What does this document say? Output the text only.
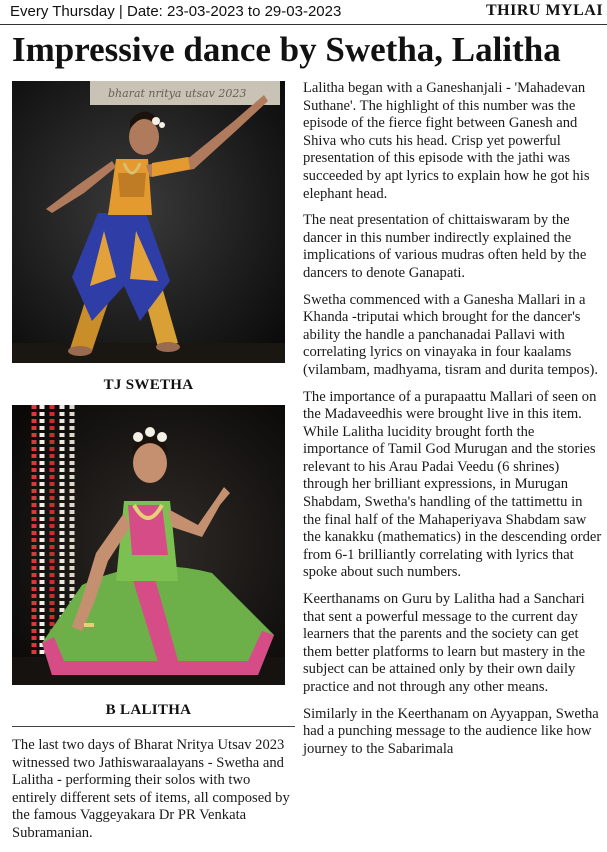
Every Thursday | Date: 23-03-2023 to 29-03-2023	THIRU MYLAI
Impressive dance by Swetha, Lalitha
bharat nritya utsav 2023
TJ SWETHA
B LALITHA

The last two days of Bharat Nritya Utsav 2023 witnessed two Jathiswaraalayans - Swetha and Lalitha - performing their solos with two entirely different sets of items, all composed by the famous Vaggeyakara Dr PR Venkata Subramanian.

Lalitha began with a Ganeshanjali - 'Mahadevan Suthane'. The highlight of this number was the episode of the fierce fight between Ganesh and Shiva who cuts his head. Crisp yet powerful presentation of this episode with the jathi was succeeded by apt lyrics to explain how he got his elephant head.

The neat presentation of chittaiswaram by the dancer in this number indirectly explained the implications of various mudras often held by the dancers to denote Ganapati.

Swetha commenced with a Ganesha Mallari in a Khanda -triputai which brought for the dancer's ability the handle a panchanadai Pallavi with correlating lyrics on vinayaka in four kaalams (vilambam, madhyama, tisram and durita tempos).

The importance of a purapaattu Mallari of seen on the Madaveedhis were brought live in this item. While Lalitha lucidity brought forth the importance of Tamil God Murugan and the stories relevant to his Arau Padai Veedu (6 shrines) through her brilliant expressions, in Murugan Shabdam, Swetha's handling of the tattimettu in the final half of the Mahaperiyava Shabdam saw the kanakku (mathematics) in the descending order from 6-1 brilliantly correlating with lyrics that spoke about such numbers.

Keerthanams on Guru by Lalitha had a Sanchari that sent a powerful message to the current day learners that the parents and the society can get them better platforms to learn but mastery in the subject can be attained only by their own daily practice and not through any other means.

Similarly in the Keerthanam on Ayyappan, Swetha had a punching message to the audience like how journey to the Sabarimala
